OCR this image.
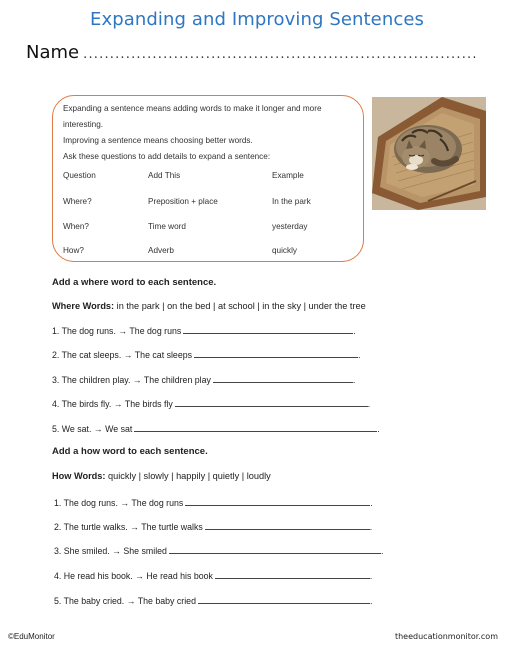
Expanding and Improving Sentences
Name ..........................................................................
Expanding a sentence means adding words to make it longer and more
interesting.
Improving a sentence means choosing better words.
Ask these questions to add details to expand a sentence:
Question	Add This	Example
Where?	Preposition + place	In the park
When?	Time word	yesterday
How?	Adverb	quickly
Add a where word to each sentence.
Where Words: in the park | on the bed | at school | in the sky | under the tree
1. The dog runs. → The dog runs	.
2. The cat sleeps. → The cat sleeps	.
3. The children play. → The children play	.
4. The birds fly. → The birds fly	.
5. We sat. → We sat	.
Add a how word to each sentence.
How Words: quickly | slowly | happily | quietly | loudly
1. The dog runs. → The dog runs	.
2. The turtle walks. → The turtle walks	.
3. She smiled. → She smiled	.
4. He read his book. → He read his book	.
5. The baby cried. → The baby cried	.
©EduMonitor	theeducationmonitor.com
